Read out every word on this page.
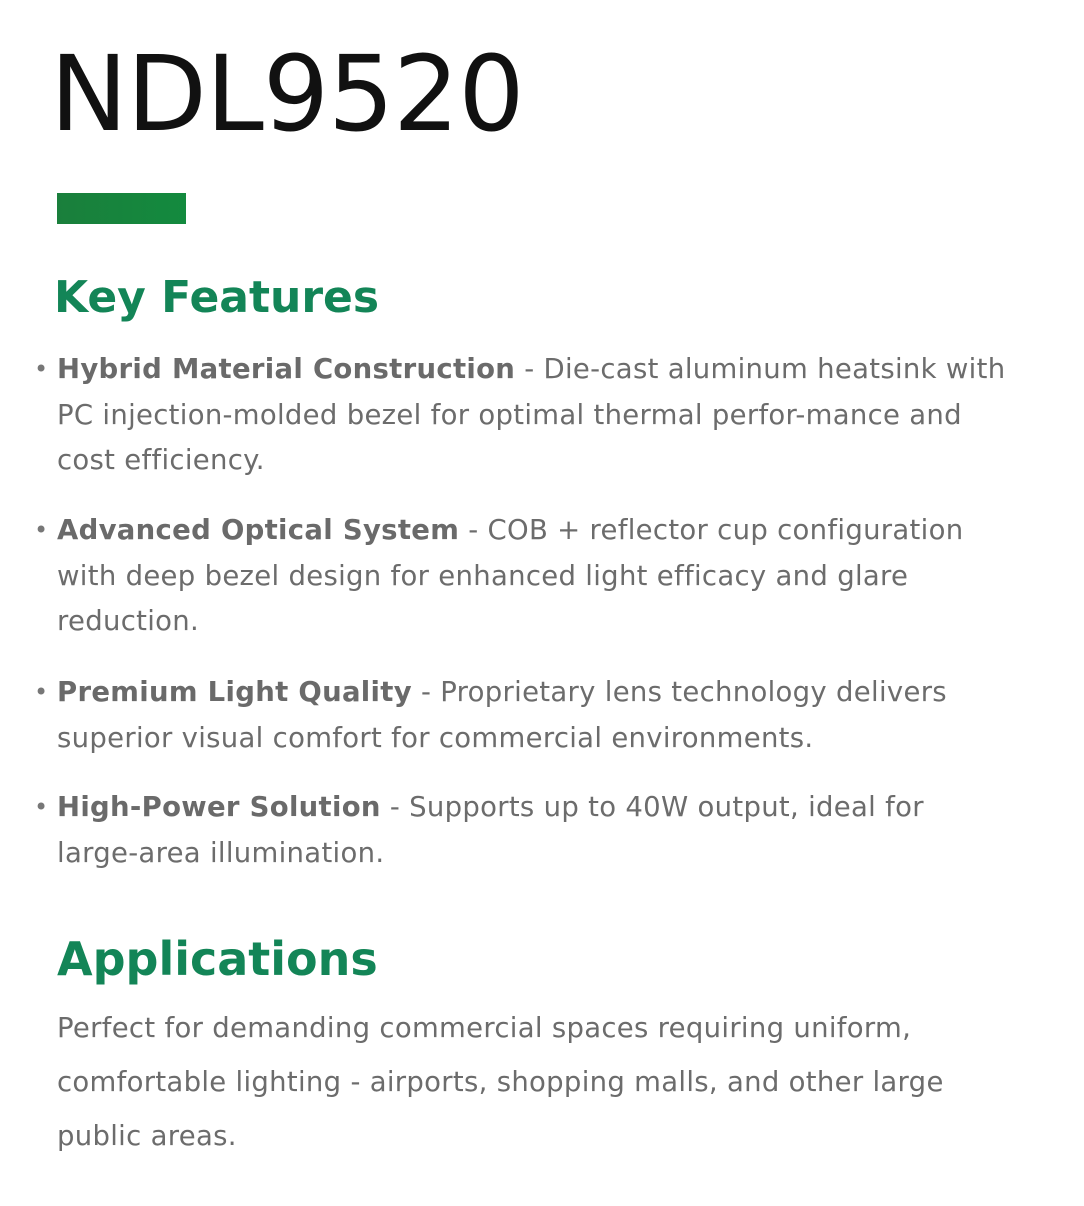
NDL9520
Key Features
• Hybrid Material Construction - Die-cast aluminum heatsink with PC injection-molded bezel for optimal thermal perfor-mance and cost efficiency.
• Advanced Optical System - COB + reflector cup configuration with deep bezel design for enhanced light efficacy and glare reduction.
• Premium Light Quality - Proprietary lens technology delivers superior visual comfort for commercial environments.
• High-Power Solution - Supports up to 40W output, ideal for large-area illumination.
Applications

Perfect for demanding commercial spaces requiring uniform, comfortable lighting - airports, shopping malls, and other large public areas.
